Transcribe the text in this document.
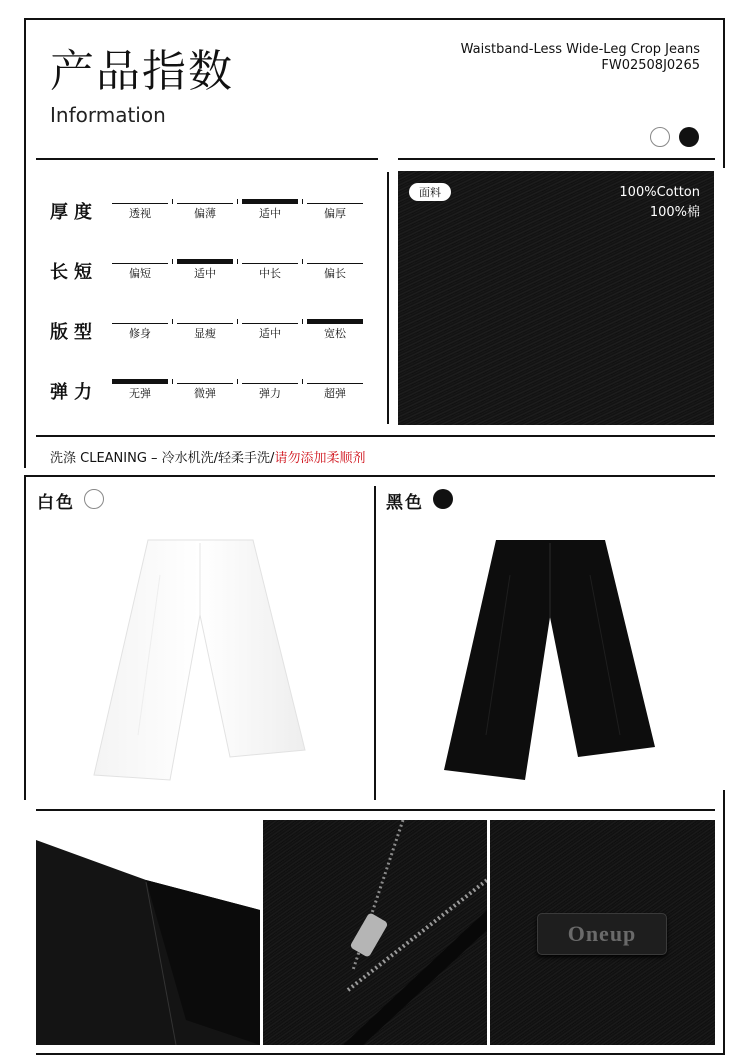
产品指数
Information
Waistband-Less Wide-Leg Crop Jeans
FW02508J0265
厚度	透视	偏薄	适中	偏厚
长短	偏短	适中	中长	偏长
版型	修身	显瘦	适中	宽松
弹力	无弹	微弹	弹力	超弹
面料	100%Cotton
100%棉
洗涤 CLEANING – 冷水机洗/轻柔手洗/请勿添加柔顺剂
白色	黑色
Oneup
